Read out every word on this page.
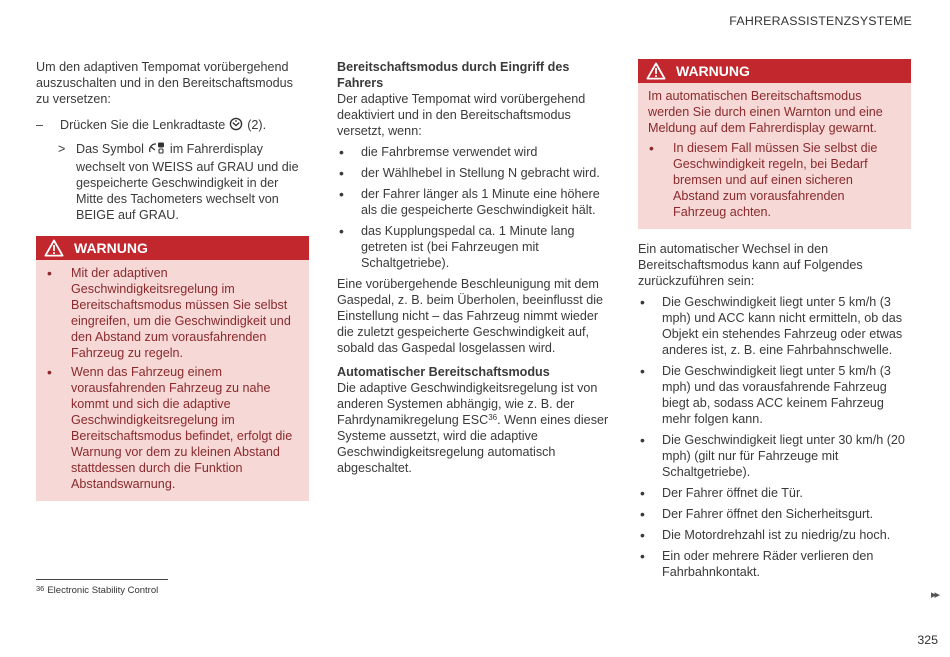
FAHRERASSISTENZSYSTEME

Um den adaptiven Tempomat vorübergehend auszuschalten und in den Bereitschaftsmodus zu versetzen:

– Drücken Sie die Lenkradtaste (2).
> Das Symbol im Fahrerdisplay wechselt von WEISS auf GRAU und die gespeicherte Geschwindigkeit in der Mitte des Tachometers wechselt von BEIGE auf GRAU.
WARNUNG
• Mit der adaptiven Geschwindigkeitsregelung im Bereitschaftsmodus müssen Sie selbst eingreifen, um die Geschwindigkeit und den Abstand zum vorausfahrenden Fahrzeug zu regeln.
• Wenn das Fahrzeug einem vorausfahrenden Fahrzeug zu nahe kommt und sich die adaptive Geschwindigkeitsregelung im Bereitschaftsmodus befindet, erfolgt die Warnung vor dem zu kleinen Abstand stattdessen durch die Funktion Abstandswarnung.

Bereitschaftsmodus durch Eingriff des Fahrers

Der adaptive Tempomat wird vorübergehend deaktiviert und in den Bereitschaftsmodus versetzt, wenn:

• die Fahrbremse verwendet wird
• der Wählhebel in Stellung N gebracht wird.
• der Fahrer länger als 1 Minute eine höhere als die gespeicherte Geschwindigkeit hält.
• das Kupplungspedal ca. 1 Minute lang getreten ist (bei Fahrzeugen mit Schaltgetriebe).

Eine vorübergehende Beschleunigung mit dem Gaspedal, z. B. beim Überholen, beeinflusst die Einstellung nicht – das Fahrzeug nimmt wieder die zuletzt gespeicherte Geschwindigkeit auf, sobald das Gaspedal losgelassen wird.

Automatischer Bereitschaftsmodus

Die adaptive Geschwindigkeitsregelung ist von anderen Systemen abhängig, wie z. B. der Fahrdynamikregelung ESC$^{36}$. Wenn eines dieser Systeme aussetzt, wird die adaptive Geschwindigkeitsregelung automatisch abgeschaltet.

WARNUNG

Im automatischen Bereitschaftsmodus werden Sie durch einen Warnton und eine Meldung auf dem Fahrerdisplay gewarnt.

• In diesem Fall müssen Sie selbst die Geschwindigkeit regeln, bei Bedarf bremsen und auf einen sicheren Abstand zum vorausfahrenden Fahrzeug achten.

Ein automatischer Wechsel in den Bereitschaftsmodus kann auf Folgendes zurückzuführen sein:

• Die Geschwindigkeit liegt unter 5 km/h (3 mph) und ACC kann nicht ermitteln, ob das Objekt ein stehendes Fahrzeug oder etwas anderes ist, z. B. eine Fahrbahnschwelle.
• Die Geschwindigkeit liegt unter 5 km/h (3 mph) und das vorausfahrende Fahrzeug biegt ab, sodass ACC keinem Fahrzeug mehr folgen kann.
• Die Geschwindigkeit liegt unter 30 km/h (20 mph) (gilt nur für Fahrzeuge mit Schaltgetriebe).
• Der Fahrer öffnet die Tür.
• Der Fahrer öffnet den Sicherheitsgurt.
• Die Motordrehzahl ist zu niedrig/zu hoch.
• Ein oder mehrere Räder verlieren den Fahrbahnkontakt.
$^{36}$ Electronic Stability Control	▸▸
325
